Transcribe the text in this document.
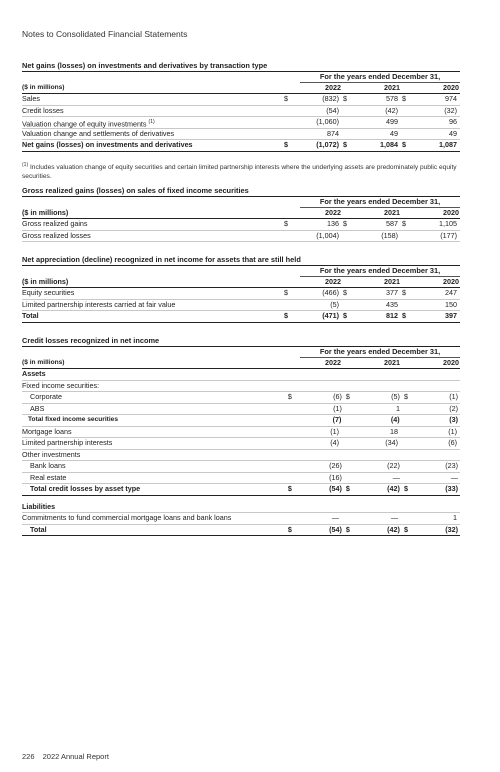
Notes to Consolidated Financial Statements
Net gains (losses) on investments and derivatives by transaction type
For the years ended December 31,
($ in millions)	2022	2021	2020
Sales	$	(832) $	578 $	974
Credit losses	(54)	(42)	(32)
Valuation change of equity investments $^{(1)}$	(1,060)	499	96
Valuation change and settlements of derivatives	874	49	49
Net gains (losses) on investments and derivatives	$	(1,072) $	1,084 $	1,087
$^{(1)}$ Includes valuation change of equity securities and certain limited partnership interests where the underlying assets are predominately public equity securities.
Gross realized gains (losses) on sales of fixed income securities
For the years ended December 31,
($ in millions)	2022	2021	2020
Gross realized gains	$	136 $	587 $	1,105
Gross realized losses	(1,004)	(158)	(177)
Net appreciation (decline) recognized in net income for assets that are still held
For the years ended December 31,
($ in millions)	2022	2021	2020
Equity securities	$	(466) $	377 $	247
Limited partnership interests carried at fair value	(5)	435	150
Total	$	(471) $	812 $	397
Credit losses recognized in net income
For the years ended December 31,
($ in millions)	2022	2021	2020
Assets
Fixed income securities:
Corporate	$	(6) $	(5) $	(1)
ABS	(1)	1	(2)
Total fixed income securities	(7)	(4)	(3)
Mortgage loans	(1)	18	(1)
Limited partnership interests	(4)	(34)	(6)
Other investments
Bank loans	(26)	(22)	(23)
Real estate	(16)	—	—
Total credit losses by asset type	$	(54) $	(42) $	(33)
Liabilities
Commitments to fund commercial mortgage loans and bank loans	—	—	1
Total	$	(54) $	(42) $	(32)
226 2022 Annual Report
